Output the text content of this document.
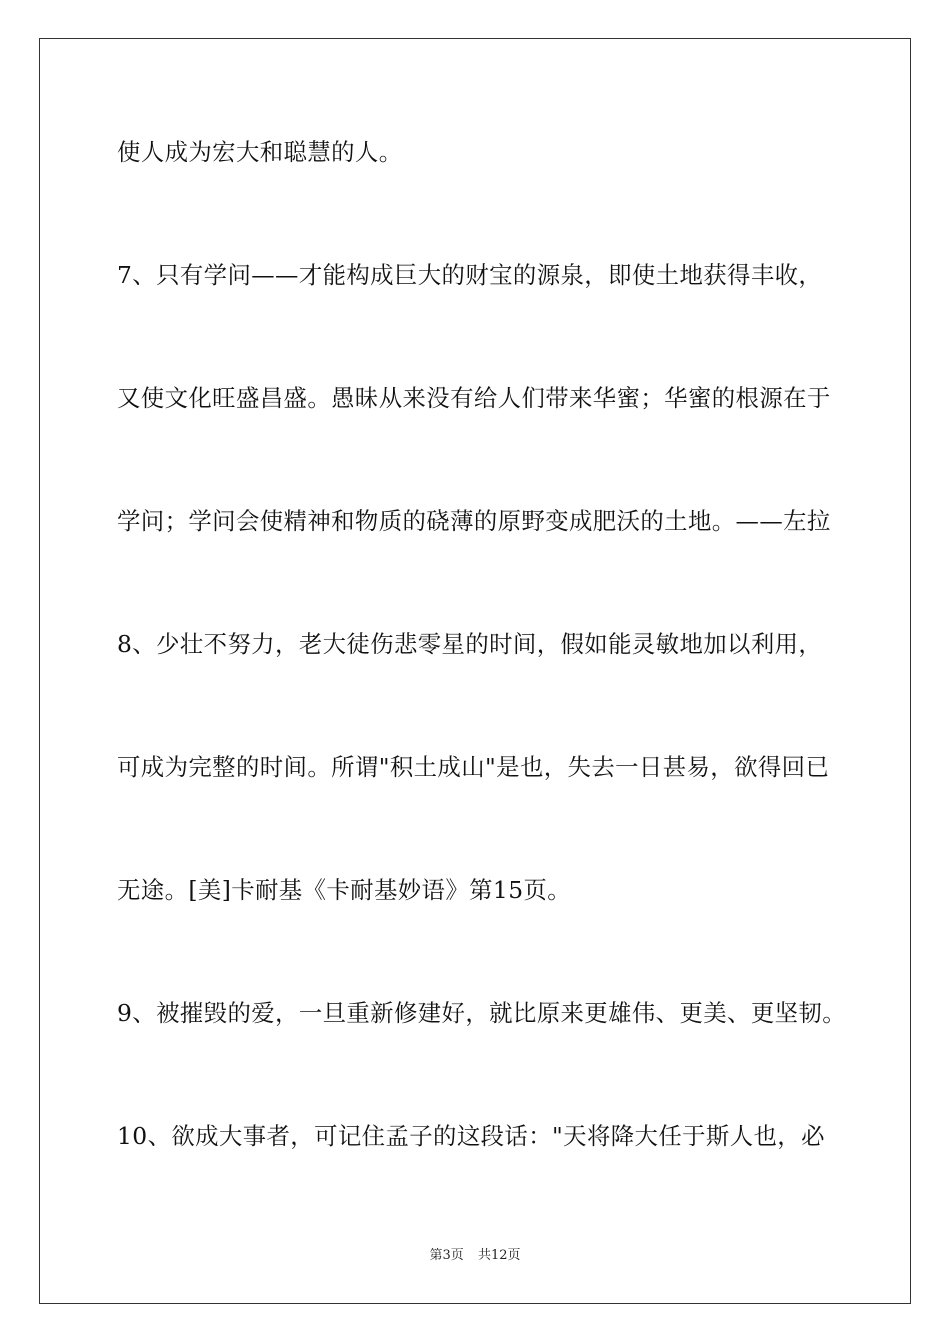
使人成为宏大和聪慧的人。
7、只有学问——才能构成巨大的财宝的源泉，即使土地获得丰收，
又使文化旺盛昌盛。愚昧从来没有给人们带来华蜜；华蜜的根源在于
学问；学问会使精神和物质的硗薄的原野变成肥沃的土地。——左拉
8、少壮不努力，老大徒伤悲零星的时间，假如能灵敏地加以利用，
可成为完整的时间。所谓"积土成山"是也，失去一日甚易，欲得回已
无途。[美]卡耐基《卡耐基妙语》第15页。
9、被摧毁的爱，一旦重新修建好，就比原来更雄伟、更美、更坚韧。
10、欲成大事者，可记住孟子的这段话："天将降大任于斯人也，必
第3页 共12页
